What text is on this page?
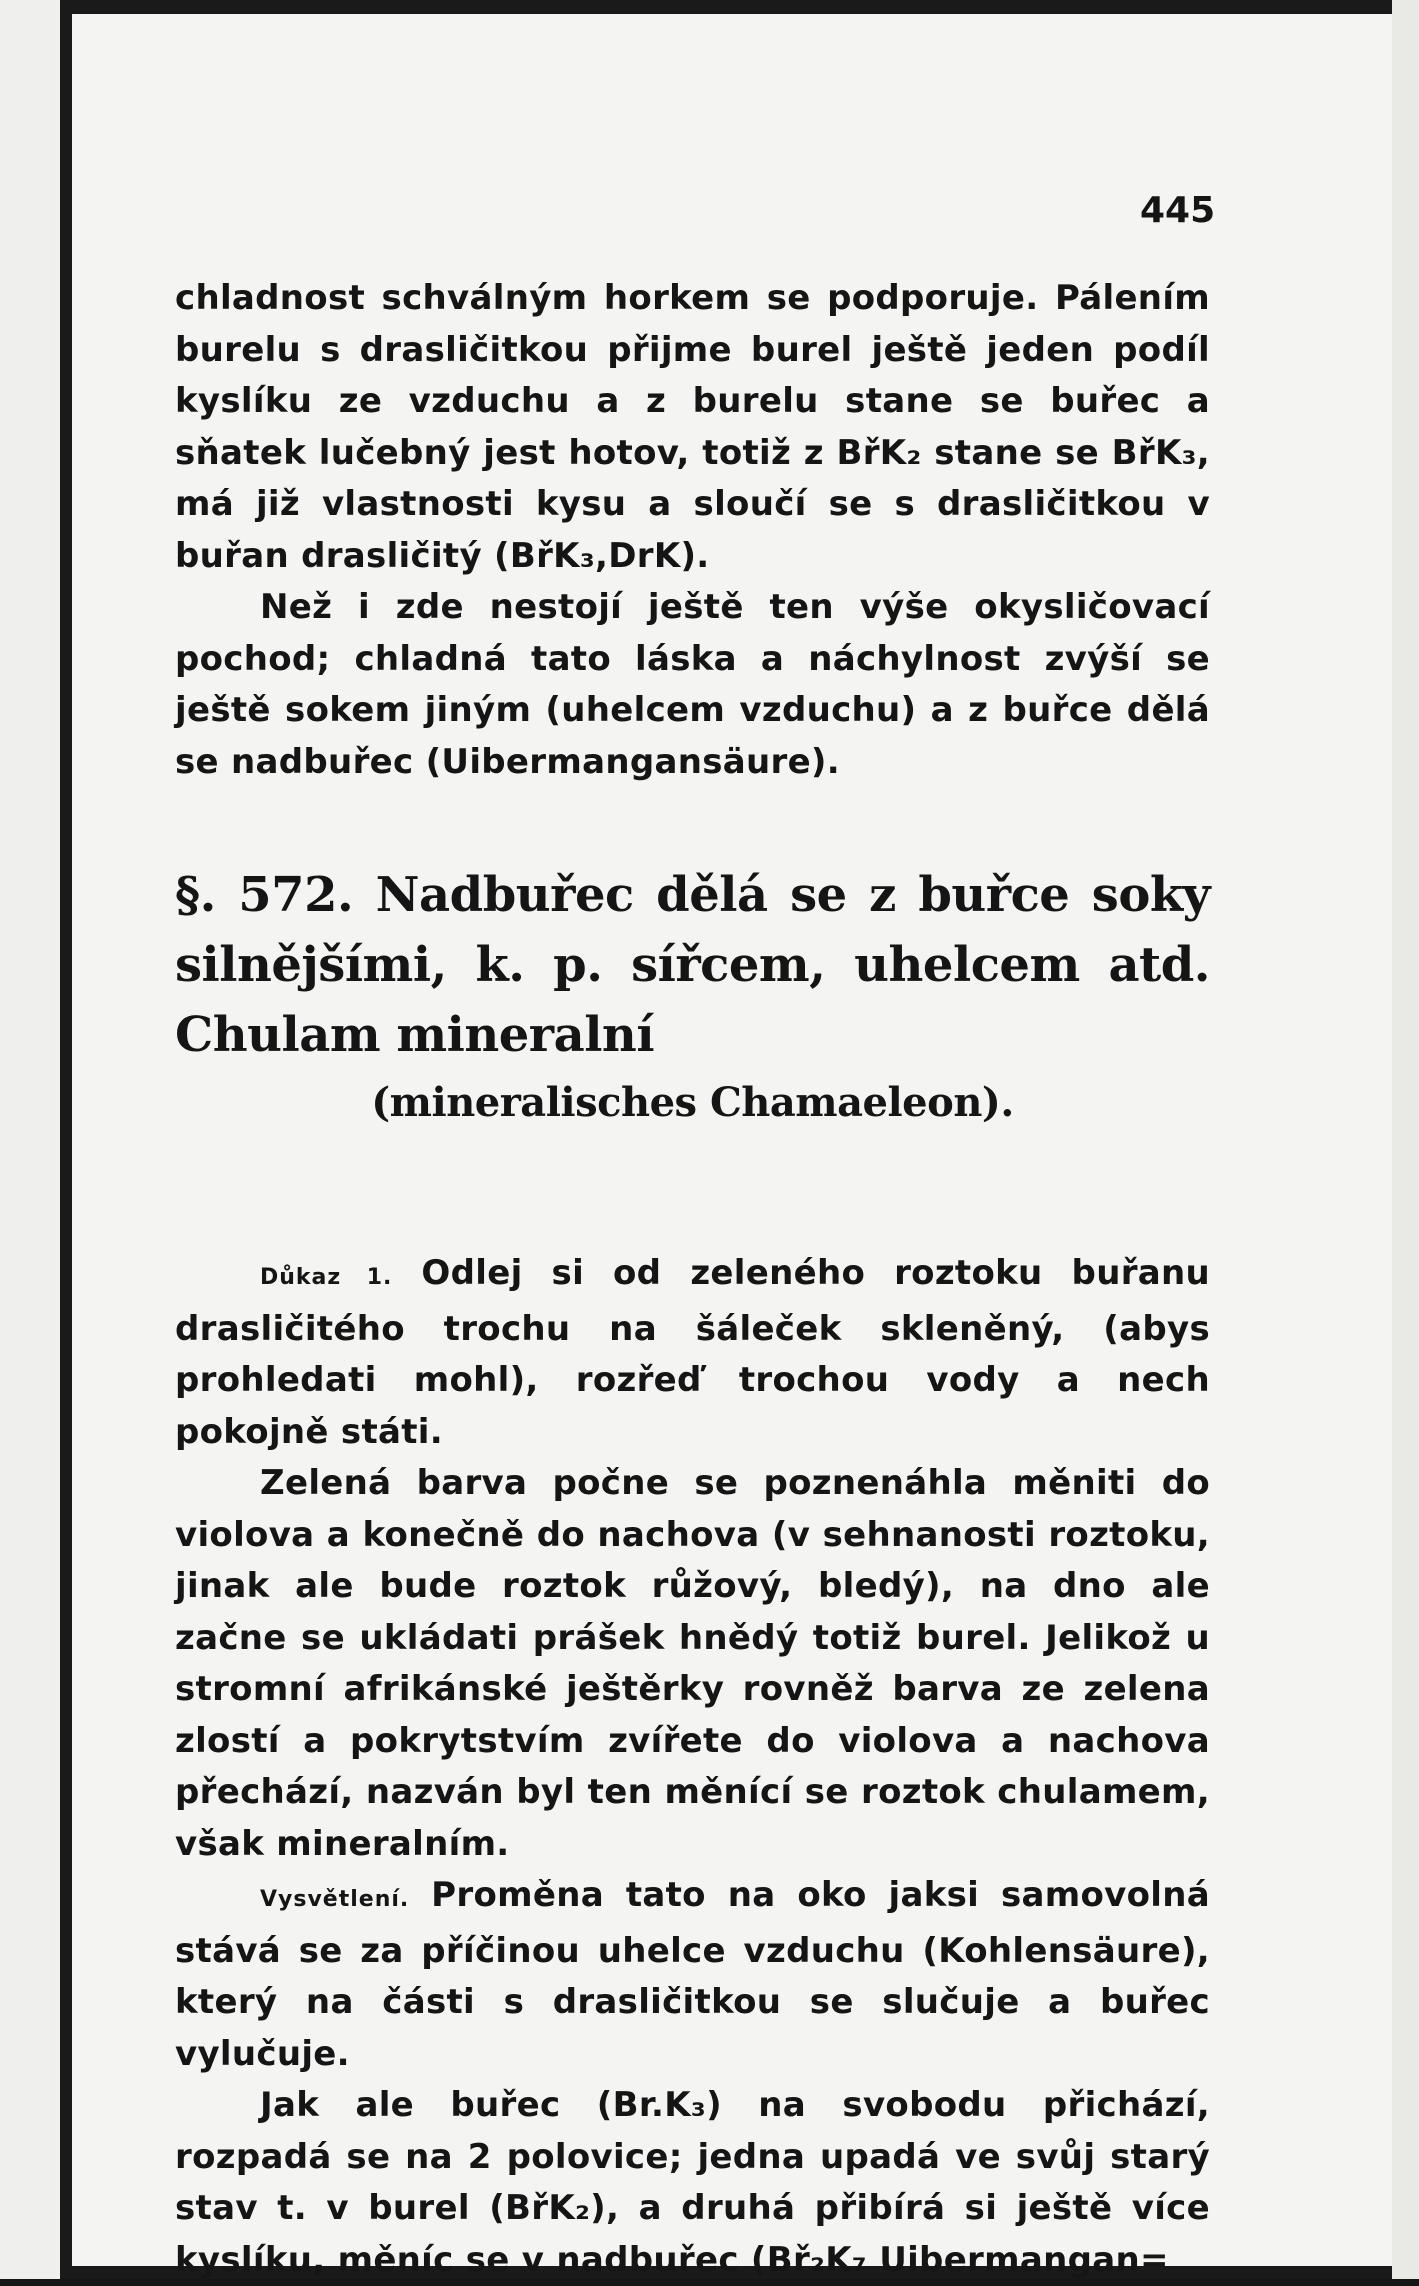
445

chladnost schválným horkem se podporuje. Pálením burelu s drasličitkou přijme burel ještě jeden podíl kyslíku ze vzduchu a z burelu stane se buřec a sňatek lučebný jest hotov, totiž z BřK₂ stane se BřK₃, má již vlastnosti kysu a sloučí se s drasličitkou v buřan drasličitý (BřK₃,DrK).

Než i zde nestojí ještě ten výše okysličovací pochod; chladná tato láska a náchylnost zvýší se ještě sokem jiným (uhelcem vzduchu) a z buřce dělá se nadbuřec (Uibermangansäure).

§. 572. Nadbuřec dělá se z buřce soky silnějšími, k. p. sířcem, uhelcem atd. Chulam mineralní
(mineralisches Chamaeleon).

Důkaz 1. Odlej si od zeleného roztoku buřanu drasličitého trochu na šáleček skleněný, (abys prohledati mohl), rozřeď trochou vody a nech pokojně státi.

Zelená barva počne se poznenáhla měniti do violova a konečně do nachova (v sehnanosti roztoku, jinak ale bude roztok růžový, bledý), na dno ale začne se ukládati prášek hnědý totiž burel. Jelikož u stromní afrikánské ještěrky rovněž barva ze zelena zlostí a pokrytstvím zvířete do violova a nachova přechází, nazván byl ten měnící se roztok chulamem, však mineralním.

Vysvětlení. Proměna tato na oko jaksi samovolná stává se za příčinou uhelce vzduchu (Kohlensäure), který na části s drasličitkou se slučuje a buřec vylučuje.

Jak ale buřec (Br.K₃) na svobodu přichází, rozpadá se na 2 polovice; jedna upadá ve svůj starý stav t. v burel (BřK₂), a druhá přibírá si ještě více kyslíku, měníc se v nadbuřec (Bř₂K₇ Uibermangan=
